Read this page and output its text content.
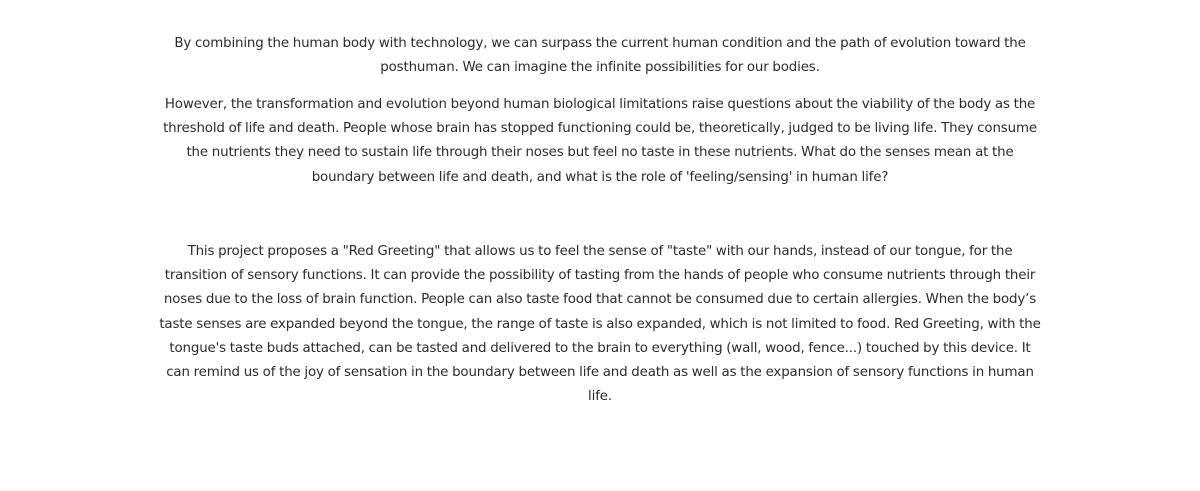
By combining the human body with technology, we can surpass the current human condition and the path of evolution toward the posthuman. We can imagine the infinite possibilities for our bodies.

However, the transformation and evolution beyond human biological limitations raise questions about the viability of the body as the threshold of life and death. People whose brain has stopped functioning could be, theoretically, judged to be living life. They consume the nutrients they need to sustain life through their noses but feel no taste in these nutrients. What do the senses mean at the boundary between life and death, and what is the role of 'feeling/sensing' in human life?

This project proposes a "Red Greeting" that allows us to feel the sense of "taste" with our hands, instead of our tongue, for the transition of sensory functions. It can provide the possibility of tasting from the hands of people who consume nutrients through their noses due to the loss of brain function. People can also taste food that cannot be consumed due to certain allergies. When the body’s taste senses are expanded beyond the tongue, the range of taste is also expanded, which is not limited to food. Red Greeting, with the tongue's taste buds attached, can be tasted and delivered to the brain to everything (wall, wood, fence...) touched by this device. It can remind us of the joy of sensation in the boundary between life and death as well as the expansion of sensory functions in human life.
